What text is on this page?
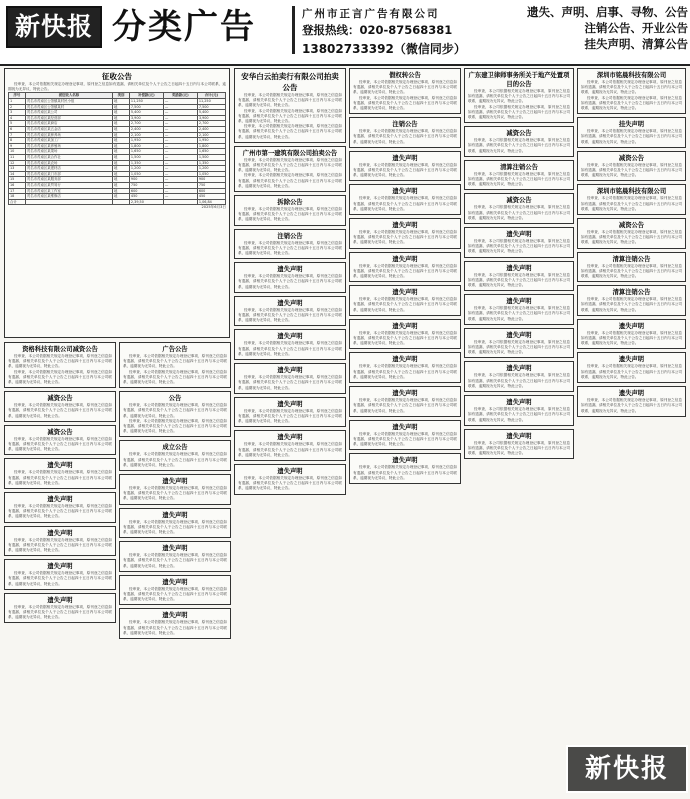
新快报 分类广告	广州市正言广告有限公司
登报热线：020-87568381
13802733392（微信同步）
遗失、声明、启事、寻物、公告
注销公告、开业公告
挂失声明、清算公告
征收公告
经审查，本公司依据相关规定办理登记事项，原刊登之信息如有遗漏，请相关单位及个人于公告之日起四十五日内与本公司联系，逾期视为无异议，特此公告。
序号	被征收人名称	类别	补偿款(元)	奖励款(元)	合计(元)
1	茂名市茂南区公馆镇某村民小组	地	11,250	—	11,250
2	茂名市茂南区公馆镇某村	地	7,500	—	7,500
3	茂名市茂南区某公司	地	5,400	—	5,400
4	茂名市茂南区某经营部	地	3,900	—	3,900
5	茂名市茂南区某商店	地	2,700	—	2,700
6	茂名市茂南区某五金店	地	2,400	—	2,400
7	茂名市茂南区某种养场	地	2,100	—	2,100
8	茂名市茂南区某加工厂	地	1,950	—	1,950
9	茂名市茂南区某养殖场	地	1,800	—	1,800
10	茂名市茂南区某果场	地	1,650	—	1,650
11	茂名市茂南区某合作社	地	1,500	—	1,500
12	茂名市茂南区某农场	地	1,350	—	1,350
13	茂名市茂南区某建材店	地	1,200	—	1,200
14	茂名市茂南区某门市部	地	1,050	—	1,050
15	茂名市茂南区某服务部	地	900	—	900
16	茂名市茂南区某贸易行	地	750	—	750
17	茂名市茂南区某工作室	地	600	—	600
18	茂名市茂南区某维修店	地	450	—	450
合计			2,39,50		1,06,84
2025年6月3日
资格科技有限公司减资公告
经审查，本公司依据相关规定办理登记事项，原刊登之信息如有遗漏，请相关单位及个人于公告之日起四十五日内与本公司联系，逾期视为无异议，特此公告。
经审查，本公司依据相关规定办理登记事项，原刊登之信息如有遗漏，请相关单位及个人于公告之日起四十五日内与本公司联系，逾期视为无异议，特此公告。
减资公告
经审查，本公司依据相关规定办理登记事项，原刊登之信息如有遗漏，请相关单位及个人于公告之日起四十五日内与本公司联系，逾期视为无异议，特此公告。
减资公告
经审查，本公司依据相关规定办理登记事项，原刊登之信息如有遗漏，请相关单位及个人于公告之日起四十五日内与本公司联系，逾期视为无异议，特此公告。
遗失声明
经审查，本公司依据相关规定办理登记事项，原刊登之信息如有遗漏，请相关单位及个人于公告之日起四十五日内与本公司联系，逾期视为无异议，特此公告。
遗失声明
经审查，本公司依据相关规定办理登记事项，原刊登之信息如有遗漏，请相关单位及个人于公告之日起四十五日内与本公司联系，逾期视为无异议，特此公告。
遗失声明
经审查，本公司依据相关规定办理登记事项，原刊登之信息如有遗漏，请相关单位及个人于公告之日起四十五日内与本公司联系，逾期视为无异议，特此公告。
遗失声明
经审查，本公司依据相关规定办理登记事项，原刊登之信息如有遗漏，请相关单位及个人于公告之日起四十五日内与本公司联系，逾期视为无异议，特此公告。
遗失声明
经审查，本公司依据相关规定办理登记事项，原刊登之信息如有遗漏，请相关单位及个人于公告之日起四十五日内与本公司联系，逾期视为无异议，特此公告。
广告公告
经审查，本公司依据相关规定办理登记事项，原刊登之信息如有遗漏，请相关单位及个人于公告之日起四十五日内与本公司联系，逾期视为无异议，特此公告。
经审查，本公司依据相关规定办理登记事项，原刊登之信息如有遗漏，请相关单位及个人于公告之日起四十五日内与本公司联系，逾期视为无异议，特此公告。
公告
经审查，本公司依据相关规定办理登记事项，原刊登之信息如有遗漏，请相关单位及个人于公告之日起四十五日内与本公司联系，逾期视为无异议，特此公告。
经审查，本公司依据相关规定办理登记事项，原刊登之信息如有遗漏，请相关单位及个人于公告之日起四十五日内与本公司联系，逾期视为无异议，特此公告。
成立公告
经审查，本公司依据相关规定办理登记事项，原刊登之信息如有遗漏，请相关单位及个人于公告之日起四十五日内与本公司联系，逾期视为无异议，特此公告。
遗失声明
经审查，本公司依据相关规定办理登记事项，原刊登之信息如有遗漏，请相关单位及个人于公告之日起四十五日内与本公司联系，逾期视为无异议，特此公告。
遗失声明
经审查，本公司依据相关规定办理登记事项，原刊登之信息如有遗漏，请相关单位及个人于公告之日起四十五日内与本公司联系，逾期视为无异议，特此公告。
遗失声明
经审查，本公司依据相关规定办理登记事项，原刊登之信息如有遗漏，请相关单位及个人于公告之日起四十五日内与本公司联系，逾期视为无异议，特此公告。
遗失声明
经审查，本公司依据相关规定办理登记事项，原刊登之信息如有遗漏，请相关单位及个人于公告之日起四十五日内与本公司联系，逾期视为无异议，特此公告。
遗失声明
经审查，本公司依据相关规定办理登记事项，原刊登之信息如有遗漏，请相关单位及个人于公告之日起四十五日内与本公司联系，逾期视为无异议，特此公告。
安华白云拍卖行有限公司拍卖公告
经审查，本公司依据相关规定办理登记事项，原刊登之信息如有遗漏，请相关单位及个人于公告之日起四十五日内与本公司联系，逾期视为无异议，特此公告。
经审查，本公司依据相关规定办理登记事项，原刊登之信息如有遗漏，请相关单位及个人于公告之日起四十五日内与本公司联系，逾期视为无异议，特此公告。
经审查，本公司依据相关规定办理登记事项，原刊登之信息如有遗漏，请相关单位及个人于公告之日起四十五日内与本公司联系，逾期视为无异议，特此公告。
广州市第一建筑有限公司拍卖公告
经审查，本公司依据相关规定办理登记事项，原刊登之信息如有遗漏，请相关单位及个人于公告之日起四十五日内与本公司联系，逾期视为无异议，特此公告。
经审查，本公司依据相关规定办理登记事项，原刊登之信息如有遗漏，请相关单位及个人于公告之日起四十五日内与本公司联系，逾期视为无异议，特此公告。
拆除公告
经审查，本公司依据相关规定办理登记事项，原刊登之信息如有遗漏，请相关单位及个人于公告之日起四十五日内与本公司联系，逾期视为无异议，特此公告。
注销公告
经审查，本公司依据相关规定办理登记事项，原刊登之信息如有遗漏，请相关单位及个人于公告之日起四十五日内与本公司联系，逾期视为无异议，特此公告。
遗失声明
经审查，本公司依据相关规定办理登记事项，原刊登之信息如有遗漏，请相关单位及个人于公告之日起四十五日内与本公司联系，逾期视为无异议，特此公告。
遗失声明
经审查，本公司依据相关规定办理登记事项，原刊登之信息如有遗漏，请相关单位及个人于公告之日起四十五日内与本公司联系，逾期视为无异议，特此公告。
遗失声明
经审查，本公司依据相关规定办理登记事项，原刊登之信息如有遗漏，请相关单位及个人于公告之日起四十五日内与本公司联系，逾期视为无异议，特此公告。
遗失声明
经审查，本公司依据相关规定办理登记事项，原刊登之信息如有遗漏，请相关单位及个人于公告之日起四十五日内与本公司联系，逾期视为无异议，特此公告。
遗失声明
经审查，本公司依据相关规定办理登记事项，原刊登之信息如有遗漏，请相关单位及个人于公告之日起四十五日内与本公司联系，逾期视为无异议，特此公告。
遗失声明
经审查，本公司依据相关规定办理登记事项，原刊登之信息如有遗漏，请相关单位及个人于公告之日起四十五日内与本公司联系，逾期视为无异议，特此公告。
遗失声明
经审查，本公司依据相关规定办理登记事项，原刊登之信息如有遗漏，请相关单位及个人于公告之日起四十五日内与本公司联系，逾期视为无异议，特此公告。
假权转公告
经审查，本公司依据相关规定办理登记事项，原刊登之信息如有遗漏，请相关单位及个人于公告之日起四十五日内与本公司联系，逾期视为无异议，特此公告。
经审查，本公司依据相关规定办理登记事项，原刊登之信息如有遗漏，请相关单位及个人于公告之日起四十五日内与本公司联系，逾期视为无异议，特此公告。
注销公告
经审查，本公司依据相关规定办理登记事项，原刊登之信息如有遗漏，请相关单位及个人于公告之日起四十五日内与本公司联系，逾期视为无异议，特此公告。
遗失声明
经审查，本公司依据相关规定办理登记事项，原刊登之信息如有遗漏，请相关单位及个人于公告之日起四十五日内与本公司联系，逾期视为无异议，特此公告。
遗失声明
经审查，本公司依据相关规定办理登记事项，原刊登之信息如有遗漏，请相关单位及个人于公告之日起四十五日内与本公司联系，逾期视为无异议，特此公告。
遗失声明
经审查，本公司依据相关规定办理登记事项，原刊登之信息如有遗漏，请相关单位及个人于公告之日起四十五日内与本公司联系，逾期视为无异议，特此公告。
遗失声明
经审查，本公司依据相关规定办理登记事项，原刊登之信息如有遗漏，请相关单位及个人于公告之日起四十五日内与本公司联系，逾期视为无异议，特此公告。
遗失声明
经审查，本公司依据相关规定办理登记事项，原刊登之信息如有遗漏，请相关单位及个人于公告之日起四十五日内与本公司联系，逾期视为无异议，特此公告。
遗失声明
经审查，本公司依据相关规定办理登记事项，原刊登之信息如有遗漏，请相关单位及个人于公告之日起四十五日内与本公司联系，逾期视为无异议，特此公告。
遗失声明
经审查，本公司依据相关规定办理登记事项，原刊登之信息如有遗漏，请相关单位及个人于公告之日起四十五日内与本公司联系，逾期视为无异议，特此公告。
遗失声明
经审查，本公司依据相关规定办理登记事项，原刊登之信息如有遗漏，请相关单位及个人于公告之日起四十五日内与本公司联系，逾期视为无异议，特此公告。
遗失声明
经审查，本公司依据相关规定办理登记事项，原刊登之信息如有遗漏，请相关单位及个人于公告之日起四十五日内与本公司联系，逾期视为无异议，特此公告。
遗失声明
经审查，本公司依据相关规定办理登记事项，原刊登之信息如有遗漏，请相关单位及个人于公告之日起四十五日内与本公司联系，逾期视为无异议，特此公告。
广东建卫律师事务所关于地产处置项目的公告
经审查，本公司依据相关规定办理登记事项，原刊登之信息如有遗漏，请相关单位及个人于公告之日起四十五日内与本公司联系，逾期视为无异议，特此公告。
经审查，本公司依据相关规定办理登记事项，原刊登之信息如有遗漏，请相关单位及个人于公告之日起四十五日内与本公司联系，逾期视为无异议，特此公告。
减资公告
经审查，本公司依据相关规定办理登记事项，原刊登之信息如有遗漏，请相关单位及个人于公告之日起四十五日内与本公司联系，逾期视为无异议，特此公告。
清算注销公告
经审查，本公司依据相关规定办理登记事项，原刊登之信息如有遗漏，请相关单位及个人于公告之日起四十五日内与本公司联系，逾期视为无异议，特此公告。
减资公告
经审查，本公司依据相关规定办理登记事项，原刊登之信息如有遗漏，请相关单位及个人于公告之日起四十五日内与本公司联系，逾期视为无异议，特此公告。
遗失声明
经审查，本公司依据相关规定办理登记事项，原刊登之信息如有遗漏，请相关单位及个人于公告之日起四十五日内与本公司联系，逾期视为无异议，特此公告。
遗失声明
经审查，本公司依据相关规定办理登记事项，原刊登之信息如有遗漏，请相关单位及个人于公告之日起四十五日内与本公司联系，逾期视为无异议，特此公告。
遗失声明
经审查，本公司依据相关规定办理登记事项，原刊登之信息如有遗漏，请相关单位及个人于公告之日起四十五日内与本公司联系，逾期视为无异议，特此公告。
遗失声明
经审查，本公司依据相关规定办理登记事项，原刊登之信息如有遗漏，请相关单位及个人于公告之日起四十五日内与本公司联系，逾期视为无异议，特此公告。
遗失声明
经审查，本公司依据相关规定办理登记事项，原刊登之信息如有遗漏，请相关单位及个人于公告之日起四十五日内与本公司联系，逾期视为无异议，特此公告。
遗失声明
经审查，本公司依据相关规定办理登记事项，原刊登之信息如有遗漏，请相关单位及个人于公告之日起四十五日内与本公司联系，逾期视为无异议，特此公告。
遗失声明
经审查，本公司依据相关规定办理登记事项，原刊登之信息如有遗漏，请相关单位及个人于公告之日起四十五日内与本公司联系，逾期视为无异议，特此公告。
深圳市铭晨科技有限公司
经审查，本公司依据相关规定办理登记事项，原刊登之信息如有遗漏，请相关单位及个人于公告之日起四十五日内与本公司联系，逾期视为无异议，特此公告。
经审查，本公司依据相关规定办理登记事项，原刊登之信息如有遗漏，请相关单位及个人于公告之日起四十五日内与本公司联系，逾期视为无异议，特此公告。
挂失声明
经审查，本公司依据相关规定办理登记事项，原刊登之信息如有遗漏，请相关单位及个人于公告之日起四十五日内与本公司联系，逾期视为无异议，特此公告。
减资公告
经审查，本公司依据相关规定办理登记事项，原刊登之信息如有遗漏，请相关单位及个人于公告之日起四十五日内与本公司联系，逾期视为无异议，特此公告。
深圳市铭晨科技有限公司
经审查，本公司依据相关规定办理登记事项，原刊登之信息如有遗漏，请相关单位及个人于公告之日起四十五日内与本公司联系，逾期视为无异议，特此公告。
减资公告
经审查，本公司依据相关规定办理登记事项，原刊登之信息如有遗漏，请相关单位及个人于公告之日起四十五日内与本公司联系，逾期视为无异议，特此公告。
清算注销公告
经审查，本公司依据相关规定办理登记事项，原刊登之信息如有遗漏，请相关单位及个人于公告之日起四十五日内与本公司联系，逾期视为无异议，特此公告。
清算注销公告
经审查，本公司依据相关规定办理登记事项，原刊登之信息如有遗漏，请相关单位及个人于公告之日起四十五日内与本公司联系，逾期视为无异议，特此公告。
遗失声明
经审查，本公司依据相关规定办理登记事项，原刊登之信息如有遗漏，请相关单位及个人于公告之日起四十五日内与本公司联系，逾期视为无异议，特此公告。
遗失声明
经审查，本公司依据相关规定办理登记事项，原刊登之信息如有遗漏，请相关单位及个人于公告之日起四十五日内与本公司联系，逾期视为无异议，特此公告。
遗失声明
经审查，本公司依据相关规定办理登记事项，原刊登之信息如有遗漏，请相关单位及个人于公告之日起四十五日内与本公司联系，逾期视为无异议，特此公告。
新快报
